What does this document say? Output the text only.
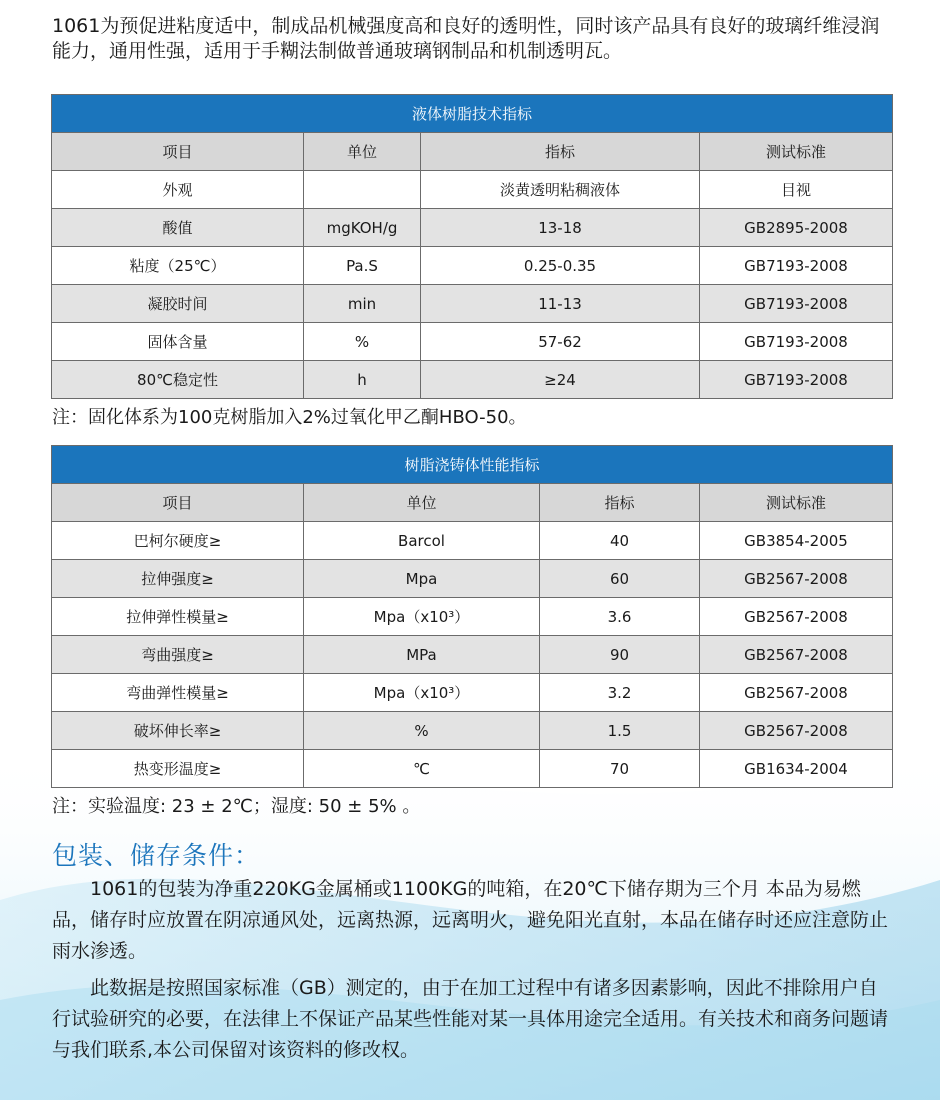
1061为预促进粘度适中，制成品机械强度高和良好的透明性，同时该产品具有良好的玻璃纤维浸润能力，通用性强，适用于手糊法制做普通玻璃钢制品和机制透明瓦。

液体树脂技术指标			
项目	单位	指标	测试标准
外观		淡黄透明粘稠液体	目视
酸值	mgKOH/g	13-18	GB2895-2008
粘度（25℃）	Pa.S	0.25-0.35	GB7193-2008
凝胶时间	min	11-13	GB7193-2008
固体含量	%	57-62	GB7193-2008
80℃稳定性	h	≥24	GB7193-2008

注：固化体系为100克树脂加入2%过氧化甲乙酮HBO-50。

树脂浇铸体性能指标			
项目	单位	指标	测试标准
巴柯尔硬度≥	Barcol	40	GB3854-2005
拉伸强度≥	Mpa	60	GB2567-2008
拉伸弹性模量≥	Mpa（x10³）	3.6	GB2567-2008
弯曲强度≥	MPa	90	GB2567-2008
弯曲弹性模量≥	Mpa（x10³）	3.2	GB2567-2008
破坏伸长率≥	%	1.5	GB2567-2008
热变形温度≥	℃	70	GB1634-2004

注：实验温度: 23 ± 2℃；湿度: 50 ± 5% 。

包装、储存条件：

1061的包装为净重220KG金属桶或1100KG的吨箱，在20℃下储存期为三个月 本品为易燃品，储存时应放置在阴凉通风处，远离热源，远离明火，避免阳光直射，本品在储存时还应注意防止雨水渗透。

此数据是按照国家标准（GB）测定的，由于在加工过程中有诸多因素影响，因此不排除用户自行试验研究的必要，在法律上不保证产品某些性能对某一具体用途完全适用。有关技术和商务问题请与我们联系,本公司保留对该资料的修改权。
